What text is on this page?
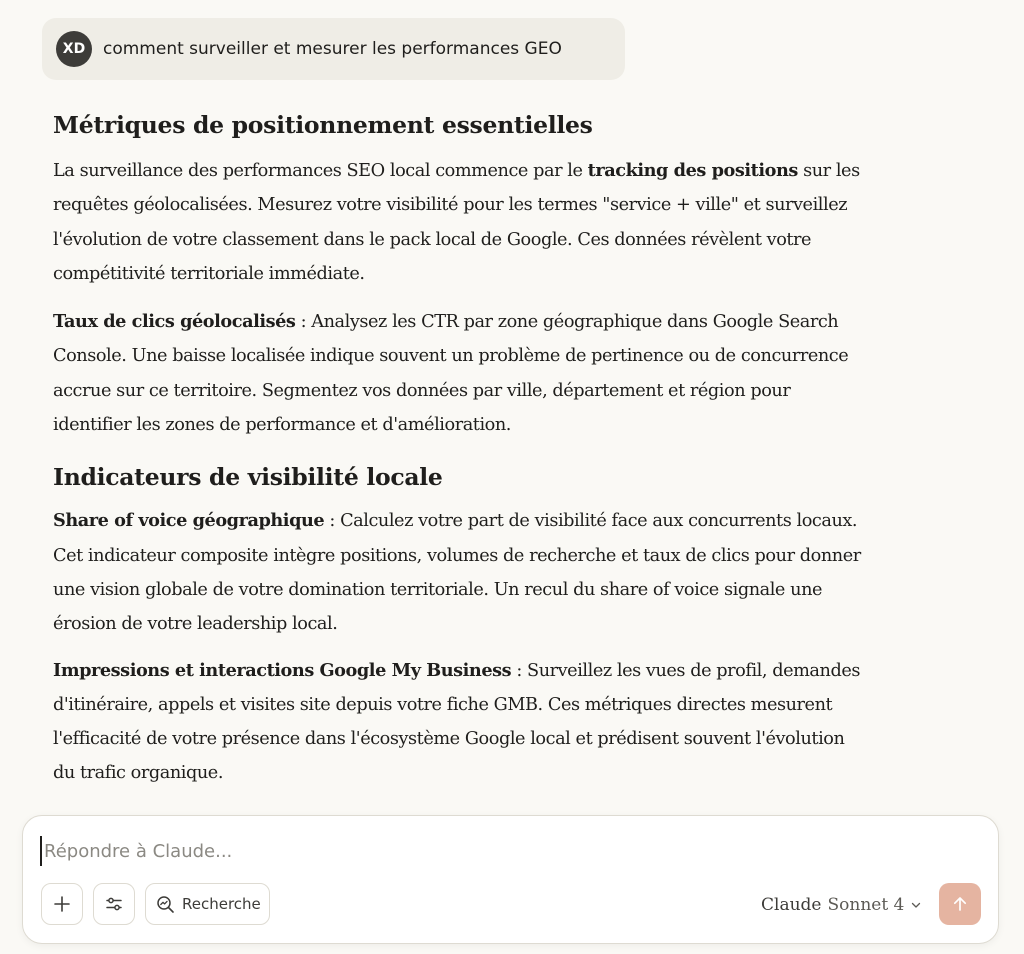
XD	comment surveiller et mesurer les performances GEO
Métriques de positionnement essentielles

La surveillance des performances SEO local commence par le tracking des positions sur les
requêtes géolocalisées. Mesurez votre visibilité pour les termes "service + ville" et surveillez
l'évolution de votre classement dans le pack local de Google. Ces données révèlent votre
compétitivité territoriale immédiate.

Taux de clics géolocalisés : Analysez les CTR par zone géographique dans Google Search
Console. Une baisse localisée indique souvent un problème de pertinence ou de concurrence
accrue sur ce territoire. Segmentez vos données par ville, département et région pour
identifier les zones de performance et d'amélioration.

Indicateurs de visibilité locale

Share of voice géographique : Calculez votre part de visibilité face aux concurrents locaux.
Cet indicateur composite intègre positions, volumes de recherche et taux de clics pour donner
une vision globale de votre domination territoriale. Un recul du share of voice signale une
érosion de votre leadership local.

Impressions et interactions Google My Business : Surveillez les vues de profil, demandes
d'itinéraire, appels et visites site depuis votre fiche GMB. Ces métriques directes mesurent
l'efficacité de votre présence dans l'écosystème Google local et prédisent souvent l'évolution
du trafic organique.

Répondre à Claude...
Recherche	Claude Sonnet 4
